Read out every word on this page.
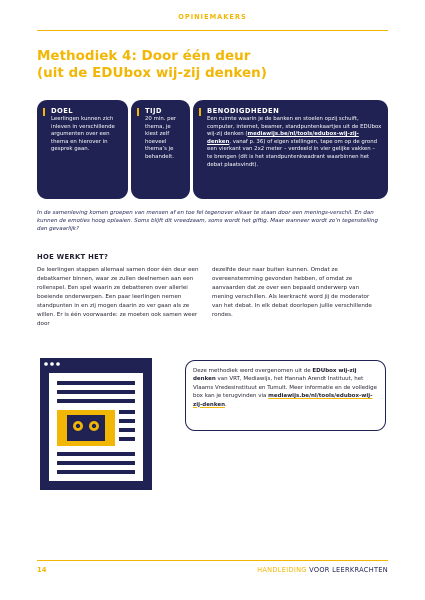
OPINIEMAKERS
Methodiek 4: Door één deur
(uit de EDUbox wij-zij denken)
DOEL

Leerlingen kunnen zich inleven in verschillende argumenten over een thema en hierover in gesprek gaan.

TIJD

20 min. per thema, je kiest zelf hoeveel thema’s je behandelt.

BENODIGDHEDEN

Een ruimte waarin je de banken en stoelen opzij schuift, computer, internet, beamer, standpuntenkaartjes uit de EDUbox wij-zij denken (mediawijs.be/nl/tools/edubox-wij-zij-denken, vanaf p. 36) of eigen stellingen, tape om op de grond een vierkant van 2x2 meter – verdeeld in vier gelijke vakken – te brengen (dit is het standpuntenkwadrant waarbinnen het debat plaatsvindt).

In de samenleving komen groepen van mensen af en toe fel tegenover elkaar te staan door een menings-verschil. En dan kunnen de emoties hoog oplaaien. Soms blijft dit vreedzaam, soms wordt het giftig. Maar wanneer wordt zo’n tegenstelling dan gevaarlijk?

HOE WERKT HET?

De leerlingen stappen allemaal samen door één deur een debatkamer binnen, waar ze zullen deelnemen aan een rollenspel. Een spel waarin ze debatteren over allerlei boeiende onderwerpen. Een paar leerlingen nemen standpunten in en zij mogen daarin zo ver gaan als ze willen. Er is één voorwaarde: ze moeten ook samen weer door

dezelfde deur naar buiten kunnen. Omdat ze overeenstemming gevonden hebben, of omdat ze aanvaarden dat ze over een bepaald onderwerp van mening verschillen. Als leerkracht word jij de moderator van het debat. In elk debat doorlopen jullie verschillende rondes.

Deze methodiek werd overgenomen uit de EDUbox wij-zij denken van VRT, Mediawijs, het Hannah Arendt Instituut, het Vlaams Vredesinstituut en Tumult. Meer informatie en de volledige box kan je terugvinden via mediawijs.be/nl/tools/edubox-wij-zij-denken.
14	HANDLEIDING VOOR LEERKRACHTEN
